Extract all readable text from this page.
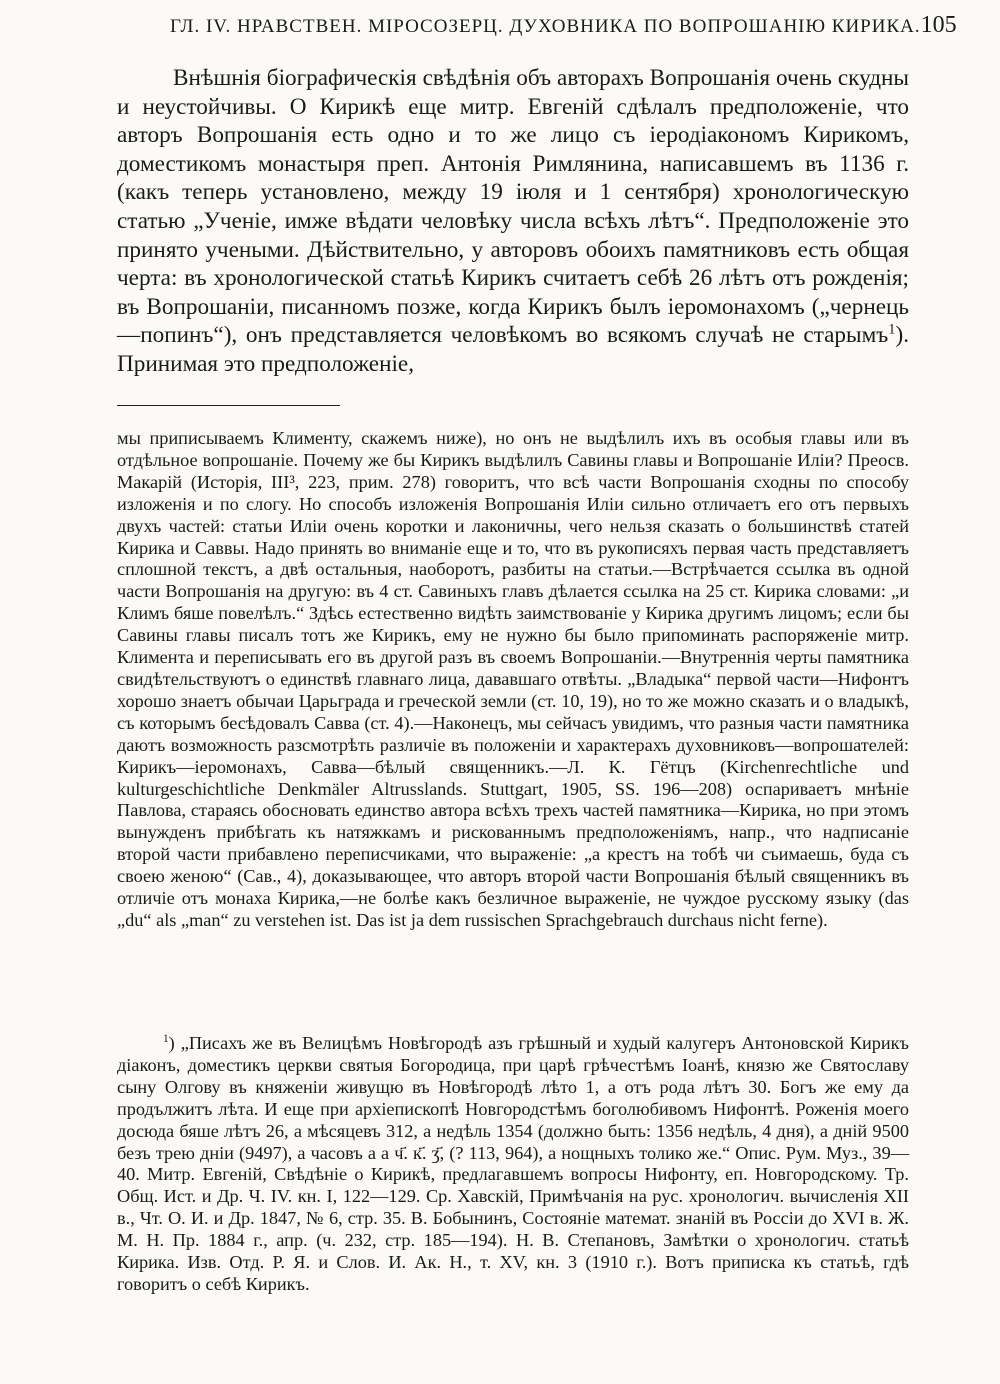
ГЛ. IV. НРАВСТВЕН. МІРОСОЗЕРЦ. ДУХОВНИКА ПО ВОПРОШАНІЮ КИРИКА. 105

Внѣшнія біографическія свѣдѣнія объ авторахъ Вопрошанія очень скудны и неустойчивы. О Кирикѣ еще митр. Евгеній сдѣлалъ предположеніе, что авторъ Вопрошанія есть одно и то же лицо съ іеродіакономъ Кирикомъ, доместикомъ монастыря преп. Антонія Римлянина, написавшемъ въ 1136 г. (какъ теперь установлено, между 19 іюля и 1 сентября) хронологическую статью „Ученіе, имже вѣдати человѣку числа всѣхъ лѣтъ“. Предположеніе это принято учеными. Дѣйствительно, у авторовъ обоихъ памятниковъ есть общая черта: въ хронологической статьѣ Кирикъ считаетъ себѣ 26 лѣтъ отъ рожденія; въ Вопрошаніи, писанномъ позже, когда Кирикъ былъ іеромонахомъ („чернець—попинъ“), онъ представляется человѣкомъ во всякомъ случаѣ не старымъ$^1$). Принимая это предположеніе,

мы приписываемъ Клименту, скажемъ ниже), но онъ не выдѣлилъ ихъ въ особыя главы или въ отдѣльное вопрошаніе. Почему же бы Кирикъ выдѣлилъ Савины главы и Вопрошаніе Иліи? Преосв. Макарій (Исторія, III³, 223, прим. 278) говоритъ, что всѣ части Вопрошанія сходны по способу изложенія и по слогу. Но способъ изложенія Вопрошанія Иліи сильно отличаетъ его отъ первыхъ двухъ частей: статьи Иліи очень коротки и лаконичны, чего нельзя сказать о большинствѣ статей Кирика и Саввы. Надо принять во вниманіе еще и то, что въ рукописяхъ первая часть представляетъ сплошной текстъ, а двѣ остальныя, наоборотъ, разбиты на статьи.—Встрѣчается ссылка въ одной части Вопрошанія на другую: въ 4 ст. Савиныхъ главъ дѣлается ссылка на 25 ст. Кирика словами: „и Климъ бяше повелѣлъ.“ Здѣсь естественно видѣть заимствованіе у Кирика другимъ лицомъ; если бы Савины главы писалъ тотъ же Кирикъ, ему не нужно бы было припоминать распоряженіе митр. Климента и переписывать его въ другой разъ въ своемъ Вопрошаніи.—Внутреннія черты памятника свидѣтельствуютъ о единствѣ главнаго лица, дававшаго отвѣты. „Владыка“ первой части—Нифонтъ хорошо знаетъ обычаи Царьграда и греческой земли (ст. 10, 19), но то же можно сказать и о владыкѣ, съ которымъ бесѣдовалъ Савва (ст. 4).—Наконецъ, мы сейчасъ увидимъ, что разныя части памятника даютъ возможность разсмотрѣть различіе въ положеніи и характерахъ духовниковъ—вопрошателей: Кирикъ—іеромонахъ, Савва—бѣлый священникъ.—Л. К. Гётцъ (Kirchenrechtliche und kulturgeschichtliche Denkmäler Altrusslands. Stuttgart, 1905, SS. 196—208) оспариваетъ мнѣніе Павлова, стараясь обосновать единство автора всѣхъ трехъ частей памятника—Кирика, но при этомъ вынужденъ прибѣгать къ натяжкамъ и рискованнымъ предположеніямъ, напр., что надписаніе второй части прибавлено переписчиками, что выраженіе: „а крестъ на тобѣ чи съимаешь, буда съ своею женою“ (Сав., 4), доказывающее, что авторъ второй части Вопрошанія бѣлый священникъ въ отличіе отъ монаха Кирика,—не болѣе какъ безличное выраженіе, не чуждое русскому языку (das „du“ als „man“ zu verstehen ist. Das ist ja dem russischen Sprachgebrauch durchaus nicht ferne).

$^1$) „Писахъ же въ Велицѣмъ Новѣгородѣ азъ грѣшный и худый калугеръ Антоновской Кирикъ діаконъ, доместикъ церкви святыя Богородица, при царѣ грѣчестѣмъ Іоанѣ, князю же Святославу сыну Олгову въ княженіи живущю въ Новѣгородѣ лѣто 1, а отъ рода лѣтъ 30. Богъ же ему да продължитъ лѣта. И еще при архіепископѣ Новгородстѣмъ боголюбивомъ Нифонтѣ. Роженія моего досюда бяше лѣтъ 26, а мѣсяцевъ 312, а недѣль 1354 (должно быть: 1356 недѣль, 4 дня), а днiй 9500 безъ трею днiи (9497), а часовъ а а ч҃. к҃. ӡ҃, (? 113, 964), а нощныхъ толико же.“ Опис. Рум. Муз., 39—40. Митр. Евгеній, Свѣдѣніе о Кирикѣ, предлагавшемъ вопросы Нифонту, еп. Новгородскому. Тр. Общ. Ист. и Др. Ч. IV. кн. I, 122—129. Ср. Хавскій, Примѣчанія на рус. хронологич. вычисленія XII в., Чт. О. И. и Др. 1847, № 6, стр. 35. В. Бобынинъ, Состояніе математ. знаній въ Россіи до XVI в. Ж. М. Н. Пр. 1884 г., апр. (ч. 232, стр. 185—194). Н. В. Степановъ, Замѣтки о хронологич. статьѣ Кирика. Изв. Отд. Р. Я. и Слов. И. Ак. Н., т. XV, кн. 3 (1910 г.). Вотъ приписка къ статьѣ, гдѣ говоритъ о себѣ Кирикъ.
